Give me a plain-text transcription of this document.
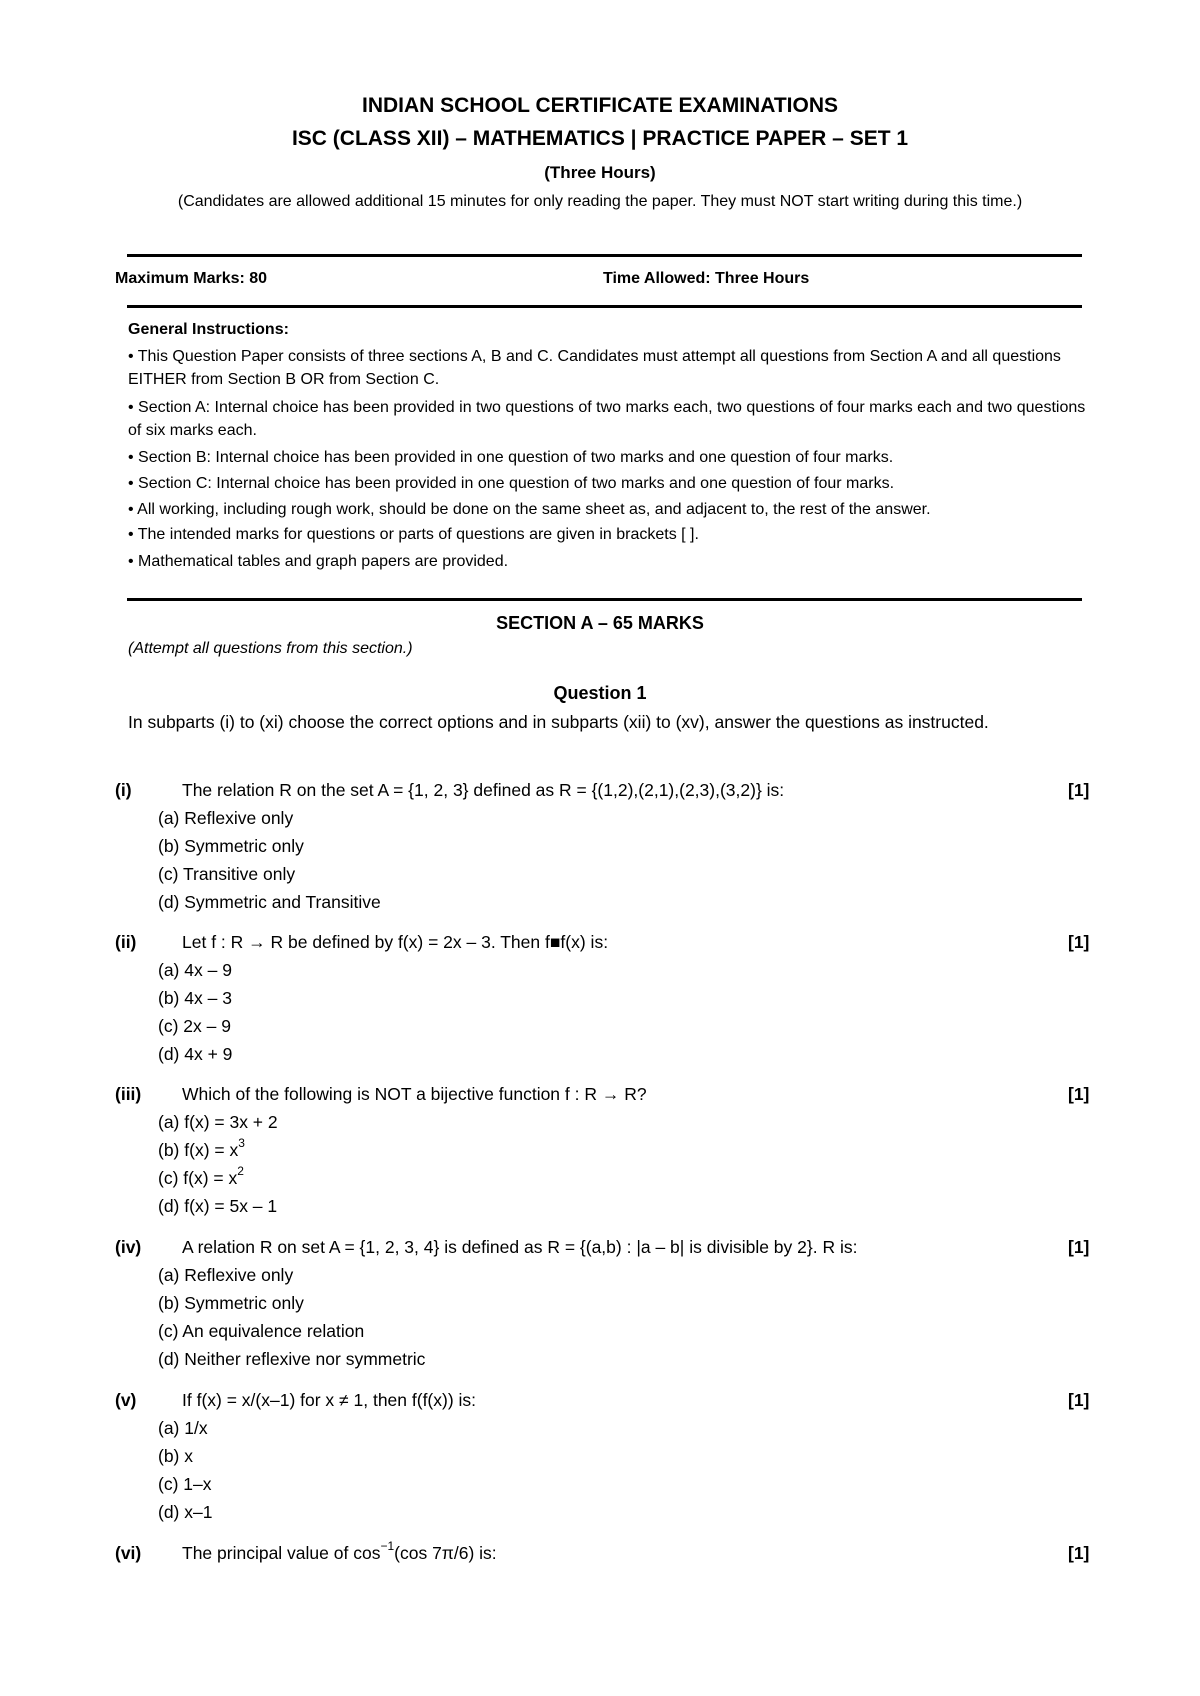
INDIAN SCHOOL CERTIFICATE EXAMINATIONS
ISC (CLASS XII) – MATHEMATICS | PRACTICE PAPER – SET 1
(Three Hours)
(Candidates are allowed additional 15 minutes for only reading the paper. They must NOT start writing during this time.)
Maximum Marks: 80	Time Allowed: Three Hours
General Instructions:
• This Question Paper consists of three sections A, B and C. Candidates must attempt all questions from Section A and all questions EITHER from Section B OR from Section C.
• Section A: Internal choice has been provided in two questions of two marks each, two questions of four marks each and two questions of six marks each.
• Section B: Internal choice has been provided in one question of two marks and one question of four marks.
• Section C: Internal choice has been provided in one question of two marks and one question of four marks.
• All working, including rough work, should be done on the same sheet as, and adjacent to, the rest of the answer.
• The intended marks for questions or parts of questions are given in brackets [ ].
• Mathematical tables and graph papers are provided.
SECTION A – 65 MARKS
(Attempt all questions from this section.)
Question 1
In subparts (i) to (xi) choose the correct options and in subparts (xii) to (xv), answer the questions as instructed.
(i)	The relation R on the set A = {1, 2, 3} defined as R = {(1,2),(2,1),(2,3),(3,2)} is:	[1]
(a) Reflexive only
(b) Symmetric only
(c) Transitive only
(d) Symmetric and Transitive
(ii)	Let f : R → R be defined by f(x) = 2x – 3. Then f■f(x) is:	[1]
(a) 4x – 9
(b) 4x – 3
(c) 2x – 9
(d) 4x + 9
(iii) Which of the following is NOT a bijective function f : R → R?	[1]
(a) f(x) = 3x + 2
(b) $f(x) = x^3$
(c) $f(x) = x^2$
(d) f(x) = 5x – 1
(iv) A relation R on set A = {1, 2, 3, 4} is defined as R = {(a,b) : |a – b| is divisible by 2}. R is:	[1]
(a) Reflexive only
(b) Symmetric only
(c) An equivalence relation
(d) Neither reflexive nor symmetric
(v)	If f(x) = x/(x–1) for x ≠ 1, then f(f(x)) is:	[1]
(a) 1/x
(b) x
(c) 1–x
(d) x–1
(vi) The principal value of $\cos^{-1}(\cos$ 7π/6) is:	[1]
